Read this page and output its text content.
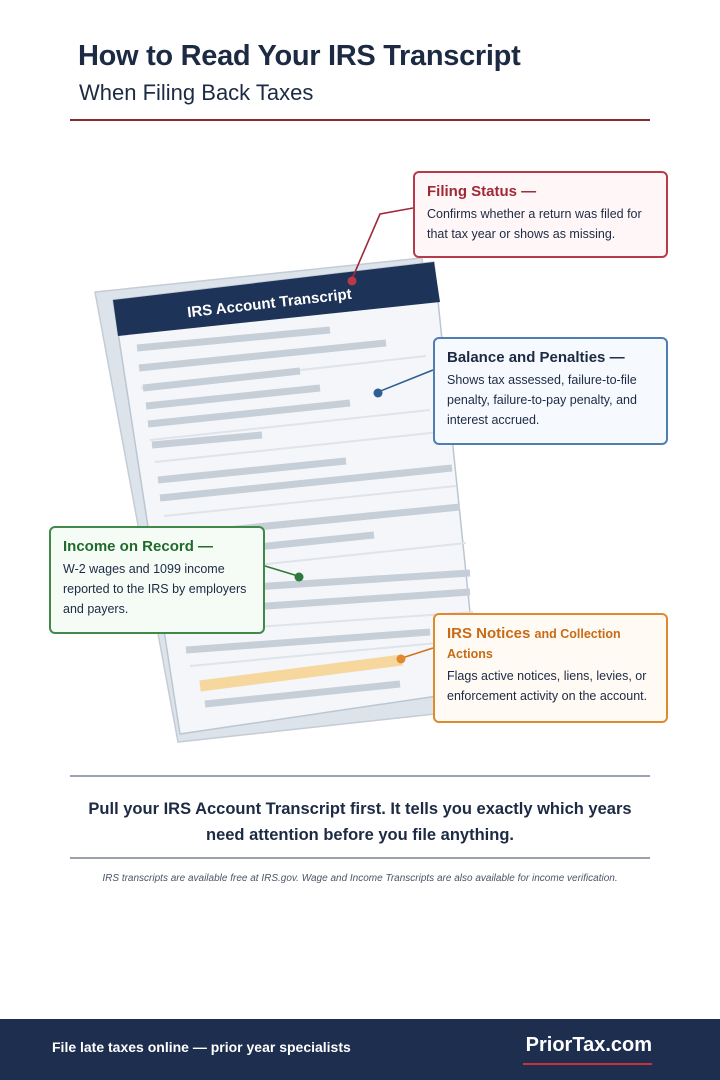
How to Read Your IRS Transcript
When Filing Back Taxes
IRS Account Transcript
Filing Status —
Confirms whether a return was filed for that tax year or shows as missing.
Balance and Penalties —
Shows tax assessed, failure-to-file penalty, failure-to-pay penalty, and interest accrued.
Income on Record —
W-2 wages and 1099 income reported to the IRS by employers and payers.
IRS Notices and Collection Actions
Flags active notices, liens, levies, or enforcement activity on the account.
Pull your IRS Account Transcript first. It tells you exactly which years need attention before you file anything.
IRS transcripts are available free at IRS.gov. Wage and Income Transcripts are also available for income verification.
File late taxes online — prior year specialists	PriorTax.com
